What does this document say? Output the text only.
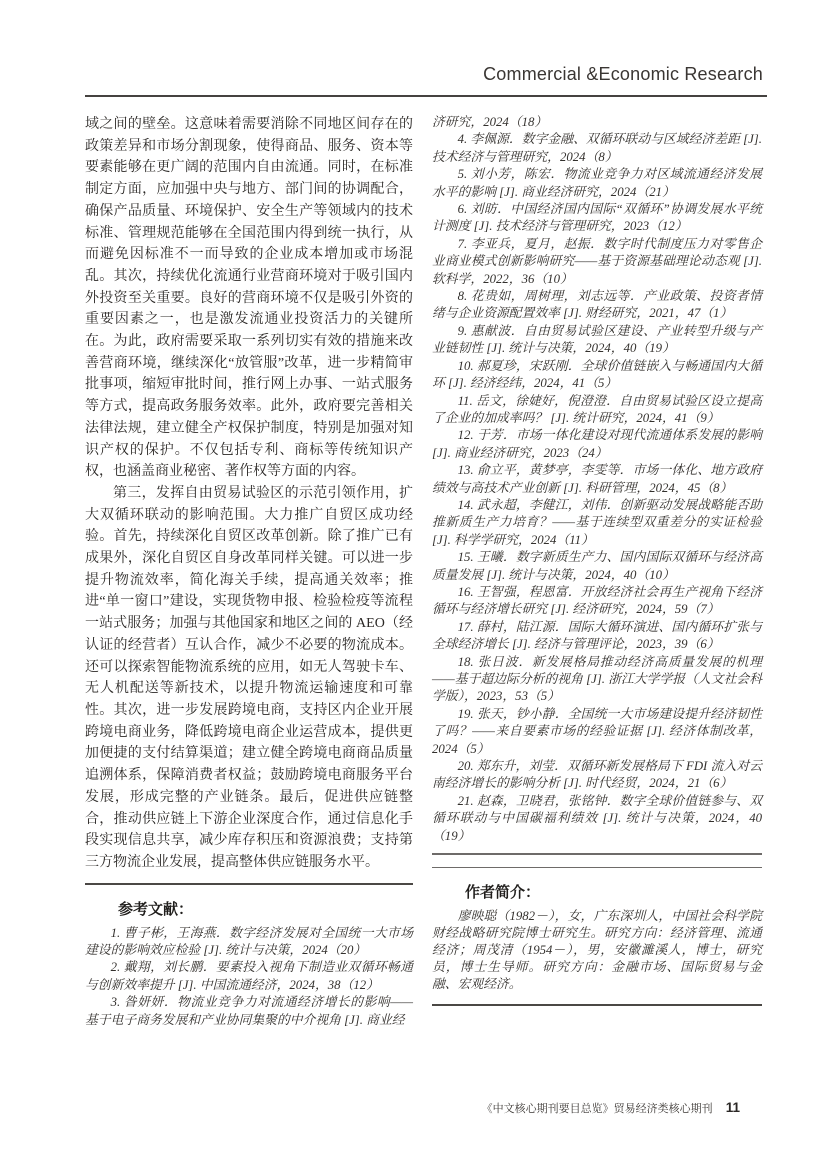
Commercial &Economic Research

域之间的壁垒。这意味着需要消除不同地区间存在的政策差异和市场分割现象，使得商品、服务、资本等要素能够在更广阔的范围内自由流通。同时，在标准制定方面，应加强中央与地方、部门间的协调配合，确保产品质量、环境保护、安全生产等领域内的技术标准、管理规范能够在全国范围内得到统一执行，从而避免因标准不一而导致的企业成本增加或市场混乱。其次，持续优化流通行业营商环境对于吸引国内外投资至关重要。良好的营商环境不仅是吸引外资的重要因素之一，也是激发流通业投资活力的关键所在。为此，政府需要采取一系列切实有效的措施来改善营商环境，继续深化“放管服”改革，进一步精简审批事项，缩短审批时间，推行网上办事、一站式服务等方式，提高政务服务效率。此外，政府要完善相关法律法规，建立健全产权保护制度，特别是加强对知识产权的保护。不仅包括专利、商标等传统知识产权，也涵盖商业秘密、著作权等方面的内容。

第三，发挥自由贸易试验区的示范引领作用，扩大双循环联动的影响范围。大力推广自贸区成功经验。首先，持续深化自贸区改革创新。除了推广已有成果外，深化自贸区自身改革同样关键。可以进一步提升物流效率，简化海关手续，提高通关效率；推进“单一窗口”建设，实现货物申报、检验检疫等流程一站式服务；加强与其他国家和地区之间的 AEO（经认证的经营者）互认合作，减少不必要的物流成本。还可以探索智能物流系统的应用，如无人驾驶卡车、无人机配送等新技术，以提升物流运输速度和可靠性。其次，进一步发展跨境电商，支持区内企业开展跨境电商业务，降低跨境电商企业运营成本，提供更加便捷的支付结算渠道；建立健全跨境电商商品质量追溯体系，保障消费者权益；鼓励跨境电商服务平台发展，形成完整的产业链条。最后，促进供应链整合，推动供应链上下游企业深度合作，通过信息化手段实现信息共享，减少库存积压和资源浪费；支持第三方物流企业发展，提高整体供应链服务水平。

参考文献：

1. 曹子彬，王海燕．数字经济发展对全国统一大市场建设的影响效应检验 [J]. 统计与决策，2024（20）

2. 戴翔，刘长鹏．要素投入视角下制造业双循环畅通与创新效率提升 [J]. 中国流通经济，2024，38（12）

3. 昝妍妍．物流业竞争力对流通经济增长的影响——基于电子商务发展和产业协同集聚的中介视角 [J]. 商业经

济研究，2024（18）

4. 李佩源．数字金融、双循环联动与区域经济差距 [J]. 技术经济与管理研究，2024（8）

5. 刘小芳，陈宏．物流业竞争力对区域流通经济发展水平的影响 [J]. 商业经济研究，2024（21）

6. 刘昉．中国经济国内国际“双循环”协调发展水平统计测度 [J]. 技术经济与管理研究，2023（12）

7. 李亚兵，夏月，赵振．数字时代制度压力对零售企业商业模式创新影响研究——基于资源基础理论动态观 [J]. 软科学，2022，36（10）

8. 花贵如，周树理，刘志远等．产业政策、投资者情绪与企业资源配置效率 [J]. 财经研究，2021，47（1）

9. 惠献波．自由贸易试验区建设、产业转型升级与产业链韧性 [J]. 统计与决策，2024，40（19）

10. 郝夏珍，宋跃刚．全球价值链嵌入与畅通国内大循环 [J]. 经济经纬，2024，41（5）

11. 岳文，徐婕好，倪澄澄．自由贸易试验区设立提高了企业的加成率吗？ [J]. 统计研究，2024，41（9）

12. 于芳．市场一体化建设对现代流通体系发展的影响 [J]. 商业经济研究，2023（24）

13. 俞立平，黄梦亭，李雯等．市场一体化、地方政府绩效与高技术产业创新 [J]. 科研管理，2024，45（8）

14. 武永超，李健江，刘伟．创新驱动发展战略能否助推新质生产力培育？——基于连续型双重差分的实证检验 [J]. 科学学研究，2024（11）

15. 王曦．数字新质生产力、国内国际双循环与经济高质量发展 [J]. 统计与决策，2024，40（10）

16. 王智强，程恩富．开放经济社会再生产视角下经济循环与经济增长研究 [J]. 经济研究，2024，59（7）

17. 薛村，陆江源．国际大循环演进、国内循环扩张与全球经济增长 [J]. 经济与管理评论，2023，39（6）

18. 张日波．新发展格局推动经济高质量发展的机理——基于超边际分析的视角 [J]. 浙江大学学报（人文社会科学版），2023，53（5）

19. 张天，钞小静．全国统一大市场建设提升经济韧性了吗？——来自要素市场的经验证据 [J]. 经济体制改革，2024（5）

20. 郑东升，刘莹．双循环新发展格局下 FDI 流入对云南经济增长的影响分析 [J]. 时代经贸，2024，21（6）

21. 赵森，卫晓君，张铭钟．数字全球价值链参与、双循环联动与中国碳福利绩效 [J]. 统计与决策，2024，40（19）

作者简介：

廖映聪（1982－），女，广东深圳人，中国社会科学院财经战略研究院博士研究生。研究方向：经济管理、流通经济；周茂清（1954－），男，安徽濉溪人，博士，研究员，博士生导师。研究方向：金融市场、国际贸易与金融、宏观经济。

《中文核心期刊要目总览》贸易经济类核心期刊 11
